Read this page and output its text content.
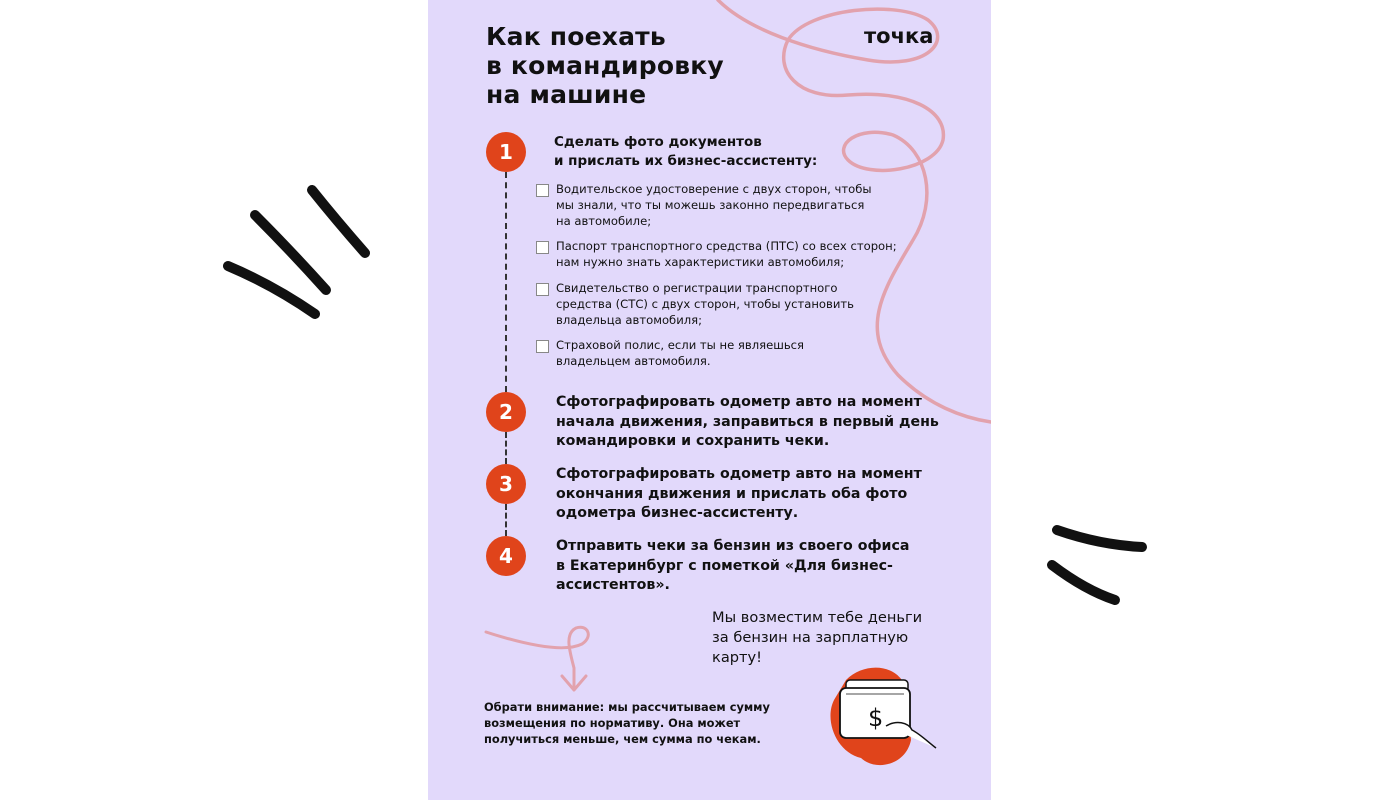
Как поехать
в командировку
на машине
точка
1	Сделать фото документов
и прислать их бизнес-ассистенту:
Водительское удостоверение с двух сторон, чтобы
мы знали, что ты можешь законно передвигаться
на автомобиле;
Паспорт транспортного средства (ПТС) со всех сторон;
нам нужно знать характеристики автомобиля;
Свидетельство о регистрации транспортного
средства (СТС) с двух сторон, чтобы установить
владельца автомобиля;
Страховой полис, если ты не являешься
владельцем автомобиля.
2	Сфотографировать одометр авто на момент
начала движения, заправиться в первый день
командировки и сохранить чеки.
3	Сфотографировать одометр авто на момент
окончания движения и прислать оба фото
одометра бизнес-ассистенту.
4	Отправить чеки за бензин из своего офиса
в Екатеринбург с пометкой «Для бизнес-
ассистентов».
Мы возместим тебе деньги
за бензин на зарплатную
карту!
Обрати внимание: мы рассчитываем сумму
возмещения по нормативу. Она может
получиться меньше, чем сумма по чекам.
$
